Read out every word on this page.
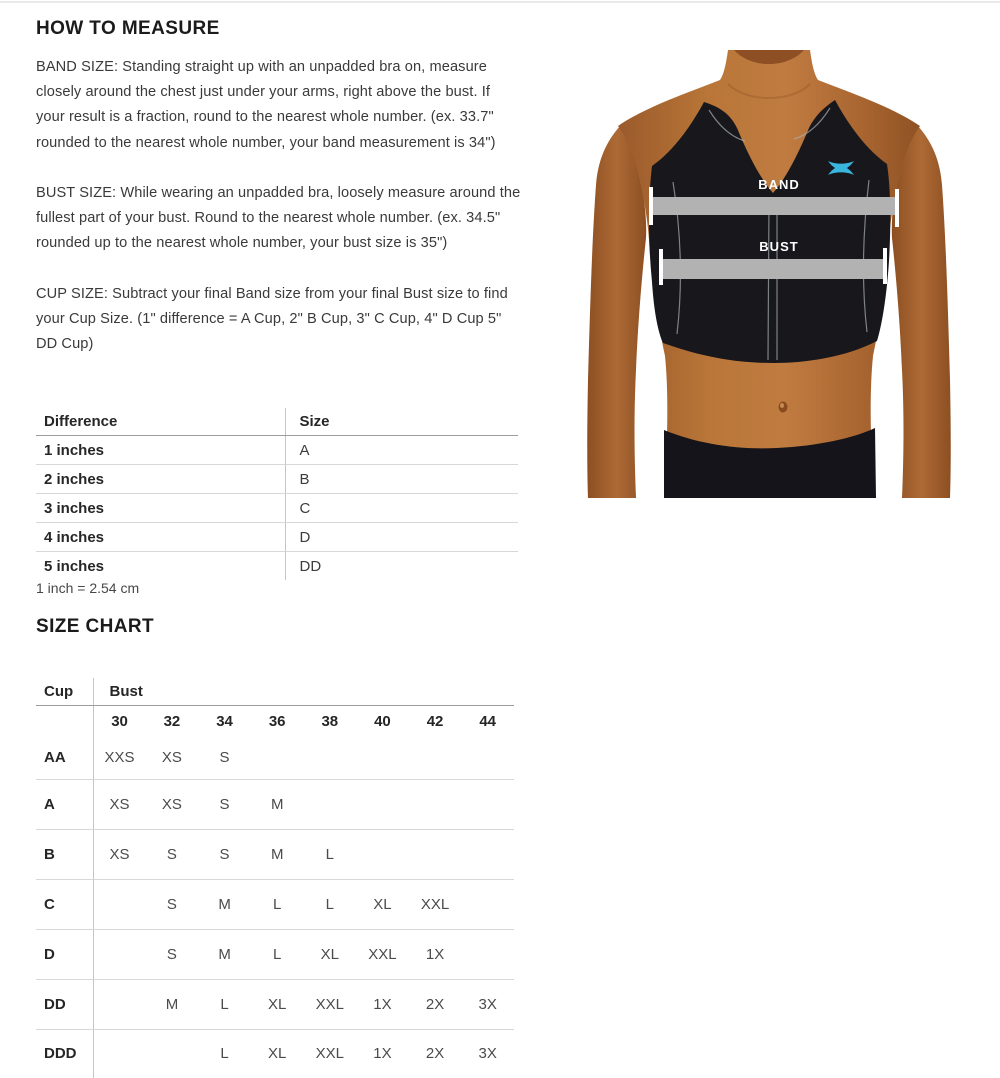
HOW TO MEASURE

BAND SIZE: Standing straight up with an unpadded bra on, measure closely around the chest just under your arms, right above the bust. If your result is a fraction, round to the nearest whole number. (ex. 33.7" rounded to the nearest whole number, your band measurement is 34")

BUST SIZE: While wearing an unpadded bra, loosely measure around the fullest part of your bust. Round to the nearest whole number. (ex. 34.5" rounded up to the nearest whole number, your bust size is 35")

CUP SIZE: Subtract your final Band size from your final Bust size to find your Cup Size. (1" difference = A Cup, 2" B Cup, 3" C Cup, 4" D Cup 5" DD Cup)

Difference	Size
1 inches	A
2 inches	B
3 inches	C
4 inches	D
5 inches	DD
1 inch = 2.54 cm
SIZE CHART
Cup	Bust							
	30	32	34	36	38	40	42	44
AA	XXS	XS	S					
A	XS	XS	S	M				
B	XS	S	S	M	L			
C		S	M	L	L	XL	XXL	
D		S	M	L	XL	XXL	1X	
DD		M	L	XL	XXL	1X	2X	3X
DDD			L	XL	XXL	1X	2X	3X
BAND
BUST
